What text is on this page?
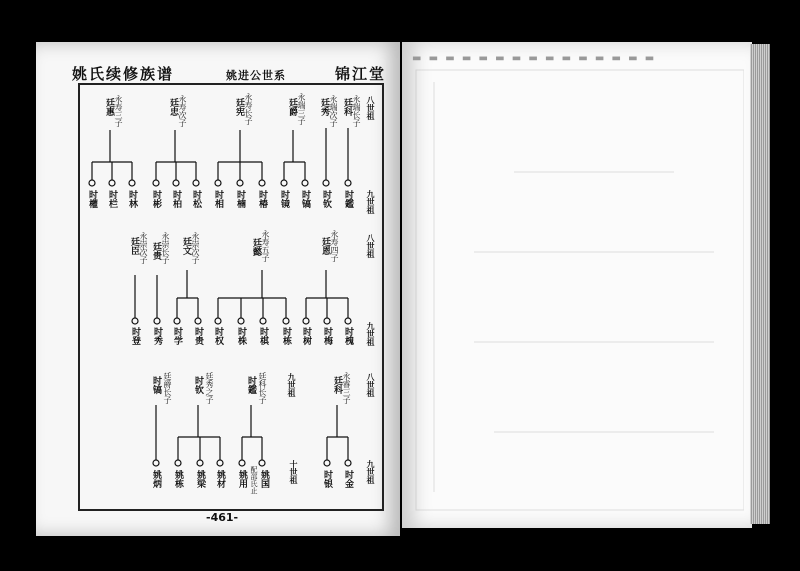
▬ ▬ ▬ ▬ ▬ ▬ ▬ ▬ ▬ ▬ ▬ ▬ ▬ ▬ ▬
姚氏续修族谱	姚进公世系	锦江堂
永寿三子
廷惠	永寿次子
廷忠	永寿长子
廷宪	永瑞三子
廷爵	永瑞次子
廷秀	永瑞长子
廷科 八世祖
时權 时栏 时林 时彬 时柏 时松 时相 时楠 时椿 时镜 时镐 时钦 时鑑 九世祖
永崇次子
廷臣	永崇长子
廷贵	永崇次子
廷文	永寿五子
廷懿	永寿四子
廷恩	八世祖
时登 时秀 时学 时贵 时权 时株 时棋 时栋 时树 时梅 时槐 九世祖
时镐 廷爵长子 时钦 廷秀之子	时鑑 廷科长子	九世祖	永睿三子
廷科	八世祖
姚炳 姚栋 姚梁 姚材 姚用 姚国
配邵氏止	十世祖	时银 时金 九世祖
-461-
